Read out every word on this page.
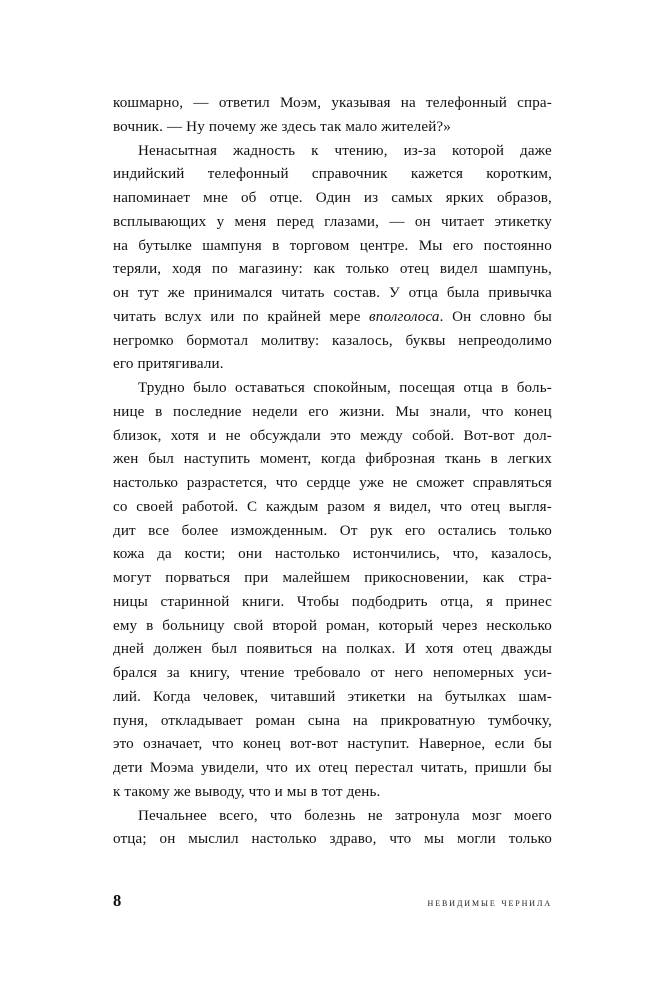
кошмарно, — ответил Моэм, указывая на телефонный спра-
вочник. — Ну почему же здесь так мало жителей?»

Ненасытная жадность к чтению, из-за которой даже
индийский телефонный справочник кажется коротким,
напоминает мне об отце. Один из самых ярких образов,
всплывающих у меня перед глазами, — он читает этикетку
на бутылке шампуня в торговом центре. Мы его постоянно
теряли, ходя по магазину: как только отец видел шампунь,
он тут же принимался читать состав. У отца была привычка
читать вслух или по крайней мере вполголоса. Он словно бы
негромко бормотал молитву: казалось, буквы непреодолимо
его притягивали.

Трудно было оставаться спокойным, посещая отца в боль-
нице в последние недели его жизни. Мы знали, что конец
близок, хотя и не обсуждали это между собой. Вот-вот дол-
жен был наступить момент, когда фиброзная ткань в легких
настолько разрастется, что сердце уже не сможет справляться
со своей работой. С каждым разом я видел, что отец выгля-
дит все более изможденным. От рук его остались только
кожа да кости; они настолько истончились, что, казалось,
могут порваться при малейшем прикосновении, как стра-
ницы старинной книги. Чтобы подбодрить отца, я принес
ему в больницу свой второй роман, который через несколько
дней должен был появиться на полках. И хотя отец дважды
брался за книгу, чтение требовало от него непомерных уси-
лий. Когда человек, читавший этикетки на бутылках шам-
пуня, откладывает роман сына на прикроватную тумбочку,
это означает, что конец вот-вот наступит. Наверное, если бы
дети Моэма увидели, что их отец перестал читать, пришли бы
к такому же выводу, что и мы в тот день.

Печальнее всего, что болезнь не затронула мозг моего
отца; он мыслил настолько здраво, что мы могли только

8	невидимые чернила
